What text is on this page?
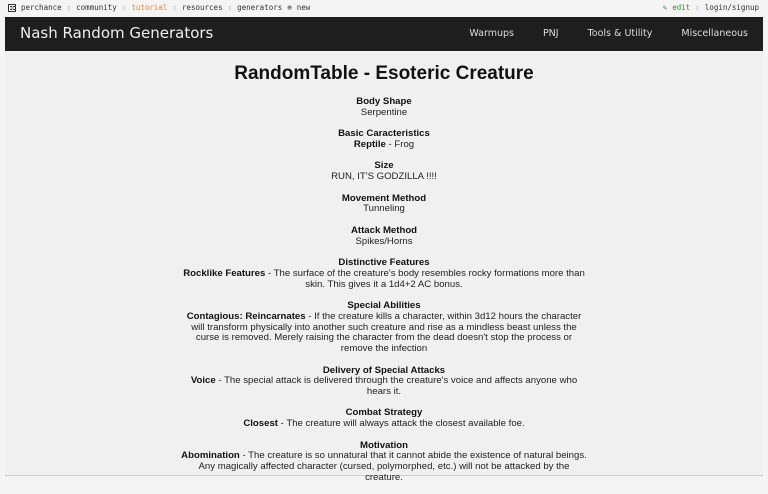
perchance ▯ community ▯ tutorial ▯ resources ▯ generators ⊕ new	✎ edit ▯ login/signup
Nash Random Generators	Warmups	PNJ	Tools & Utility	Miscellaneous
RandomTable - Esoteric Creature
Body Shape
Serpentine
Basic Caracteristics
Reptile - Frog
Size
RUN, IT'S GODZILLA !!!!
Movement Method
Tunneling
Attack Method
Spikes/Horns
Distinctive Features
Rocklike Features - The surface of the creature's body resembles rocky formations more than skin. This gives it a 1d4+2 AC bonus.
Special Abilities
Contagious: Reincarnates - If the creature kills a character, within 3d12 hours the character will transform physically into another such creature and rise as a mindless beast unless the curse is removed. Merely raising the character from the dead doesn't stop the process or remove the infection
Delivery of Special Attacks
Voice - The special attack is delivered through the creature's voice and affects anyone who hears it.
Combat Strategy
Closest - The creature will always attack the closest available foe.
Motivation
Abomination - The creature is so unnatural that it cannot abide the existence of natural beings. Any magically affected character (cursed, polymorphed, etc.) will not be attacked by the creature.
